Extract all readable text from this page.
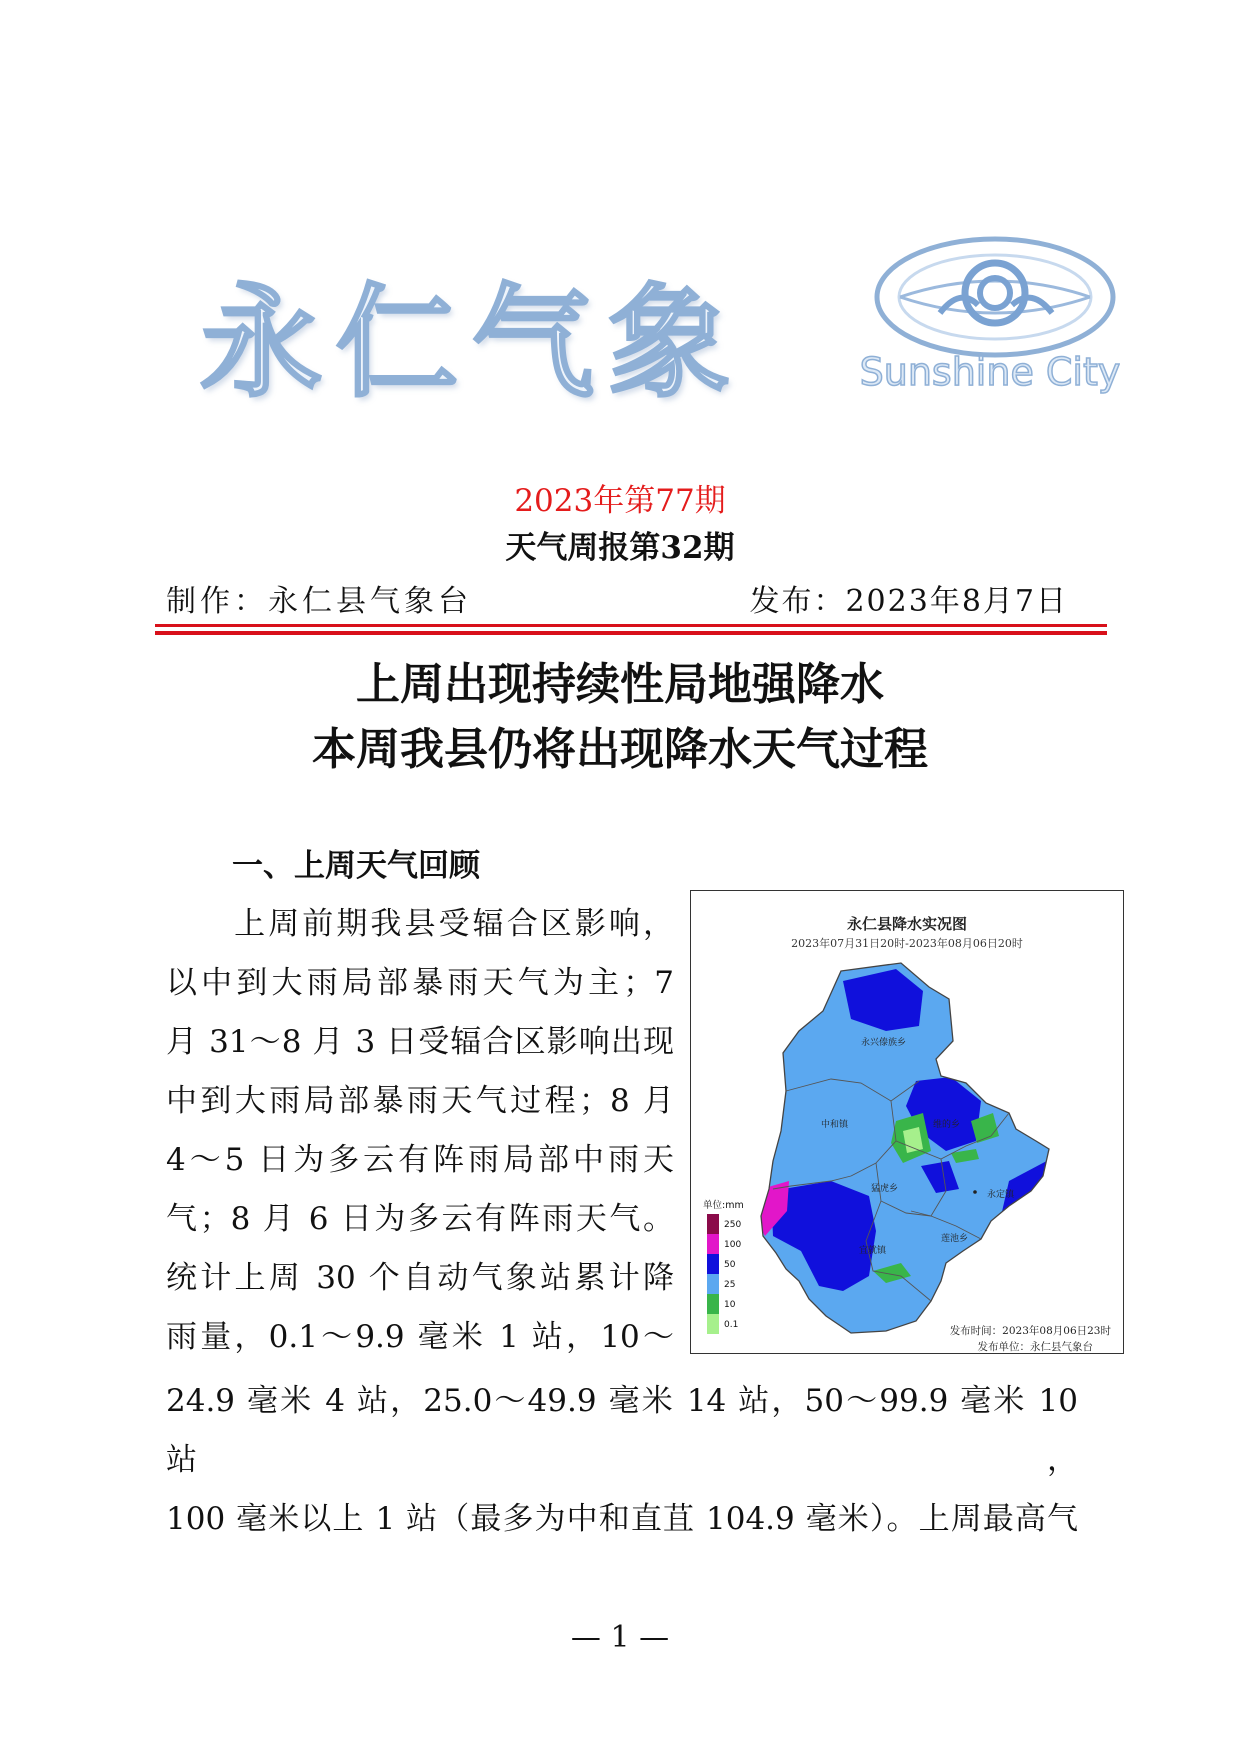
永仁气象	Sunshine City
2023年第77期
天气周报第32期
制作：永仁县气象台	发布：2023年8月7日
上周出现持续性局地强降水
本周我县仍将出现降水天气过程
一、上周天气回顾
　　上周前期我县受辐合区影响，
以中到大雨局部暴雨天气为主；7
月 31～8 月 3 日受辐合区影响出现
中到大雨局部暴雨天气过程；8 月
4～5 日为多云有阵雨局部中雨天
气；8 月 6 日为多云有阵雨天气。
统计上周 30 个自动气象站累计降
雨量，0.1～9.9 毫米 1 站，10～
24.9 毫米 4 站，25.0～49.9 毫米 14 站，50～99.9 毫米 10 站，
100 毫米以上 1 站（最多为中和直苴 104.9 毫米）。上周最高气
永仁县降水实况图
2023年07月31日20时-2023年08月06日20时
永兴傣族乡
维的乡
中和镇
猛虎乡
永定镇
宜就镇
莲池乡
单位:mm
250
100
50
25
10
0.1	发布时间：2023年08月06日23时
发布单位：永仁县气象台
— 1 —
